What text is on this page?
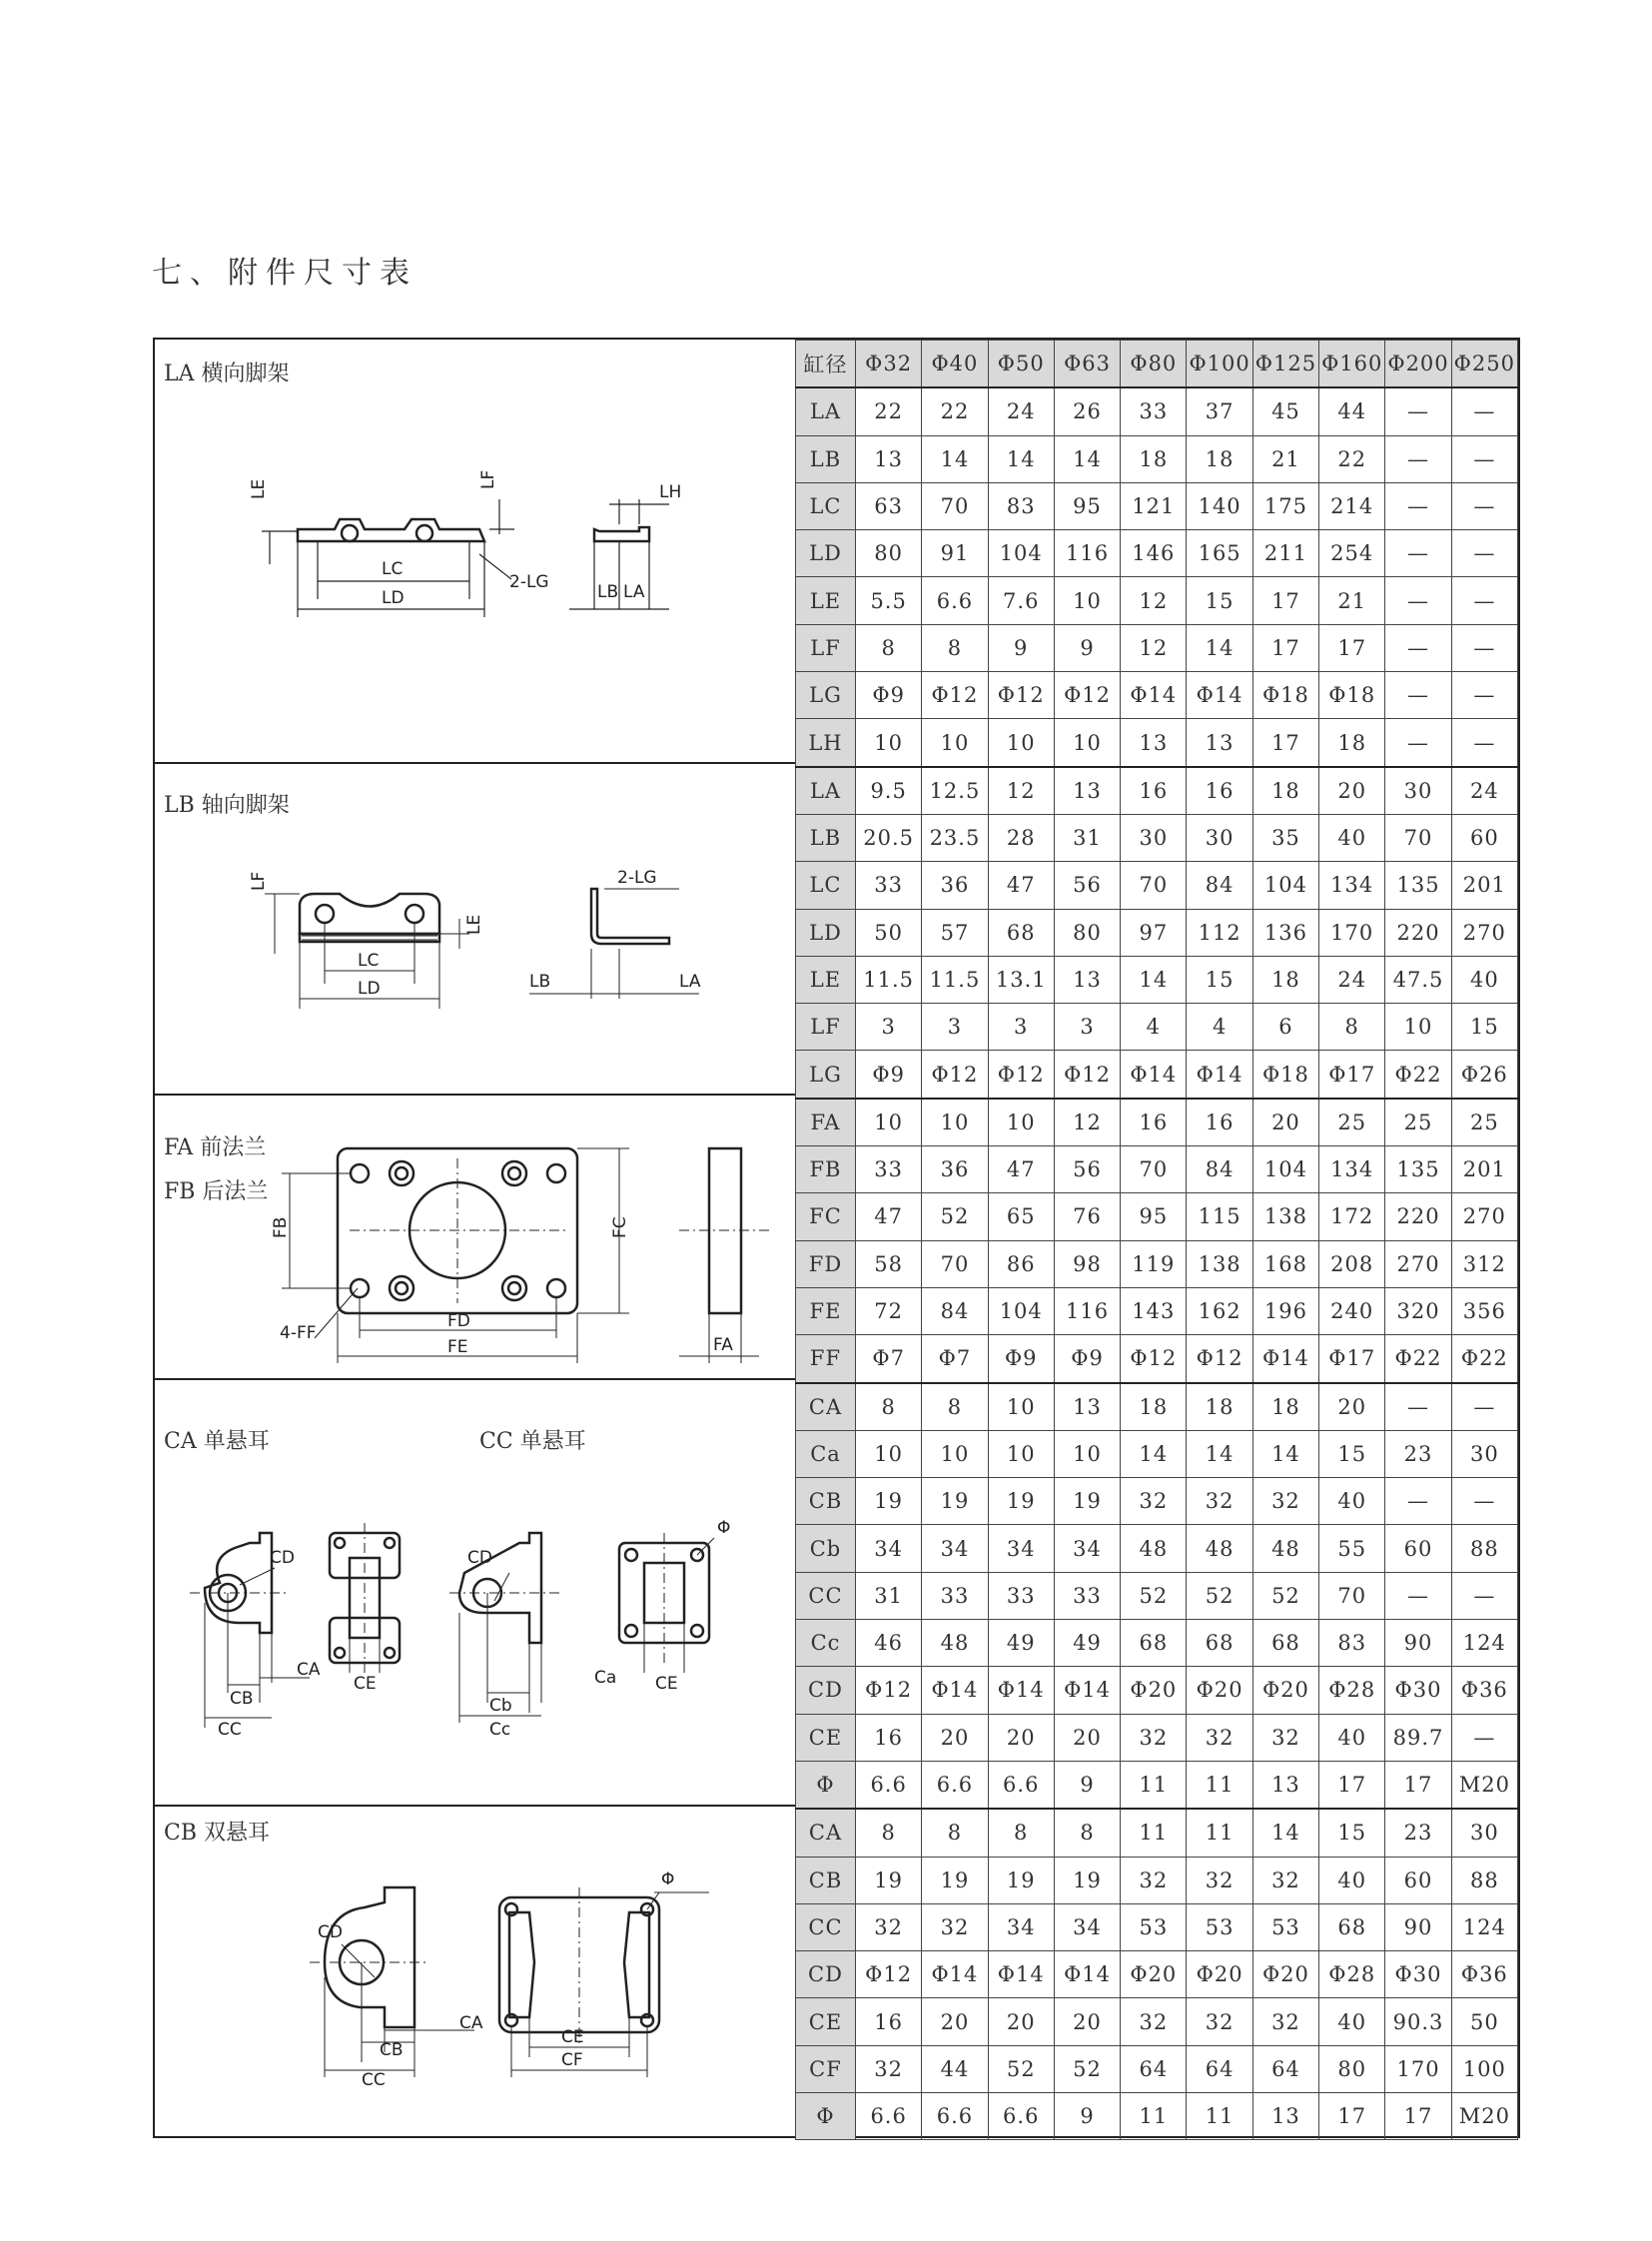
七、附件尺寸表
LA 横向脚架
LB 轴向脚架
FA 前法兰
FB 后法兰
CA 单悬耳	CC 单悬耳
CB 双悬耳
LE	LF
LC
LD
2-LG
LH
LB LA
LF
LE
LC
LD
2-LG
LB	LA
FB	FC
FD
FE
4-FF
FA
CD
CA
CB
CC
CE
CD
Ca
Cb
Cc
CE
Φ
CD
CA
CB
CC
CE
CF
Φ
缸径	Φ32	Φ40	Φ50	Φ63	Φ80	Φ100	Φ125	Φ160	Φ200	Φ250
LA	22	22	24	26	33	37	45	44	—	—
LB	13	14	14	14	18	18	21	22	—	—
LC	63	70	83	95	121	140	175	214	—	—
LD	80	91	104	116	146	165	211	254	—	—
LE	5.5	6.6	7.6	10	12	15	17	21	—	—
LF	8	8	9	9	12	14	17	17	—	—
LG	Φ9	Φ12	Φ12	Φ12	Φ14	Φ14	Φ18	Φ18	—	—
LH	10	10	10	10	13	13	17	18	—	—
LA	9.5	12.5	12	13	16	16	18	20	30	24
LB	20.5	23.5	28	31	30	30	35	40	70	60
LC	33	36	47	56	70	84	104	134	135	201
LD	50	57	68	80	97	112	136	170	220	270
LE	11.5	11.5	13.1	13	14	15	18	24	47.5	40
LF	3	3	3	3	4	4	6	8	10	15
LG	Φ9	Φ12	Φ12	Φ12	Φ14	Φ14	Φ18	Φ17	Φ22	Φ26
FA	10	10	10	12	16	16	20	25	25	25
FB	33	36	47	56	70	84	104	134	135	201
FC	47	52	65	76	95	115	138	172	220	270
FD	58	70	86	98	119	138	168	208	270	312
FE	72	84	104	116	143	162	196	240	320	356
FF	Φ7	Φ7	Φ9	Φ9	Φ12	Φ12	Φ14	Φ17	Φ22	Φ22
CA	8	8	10	13	18	18	18	20	—	—
Ca	10	10	10	10	14	14	14	15	23	30
CB	19	19	19	19	32	32	32	40	—	—
Cb	34	34	34	34	48	48	48	55	60	88
CC	31	33	33	33	52	52	52	70	—	—
Cc	46	48	49	49	68	68	68	83	90	124
CD	Φ12	Φ14	Φ14	Φ14	Φ20	Φ20	Φ20	Φ28	Φ30	Φ36
CE	16	20	20	20	32	32	32	40	89.7	—
Φ	6.6	6.6	6.6	9	11	11	13	17	17	M20
CA	8	8	8	8	11	11	14	15	23	30
CB	19	19	19	19	32	32	32	40	60	88
CC	32	32	34	34	53	53	53	68	90	124
CD	Φ12	Φ14	Φ14	Φ14	Φ20	Φ20	Φ20	Φ28	Φ30	Φ36
CE	16	20	20	20	32	32	32	40	90.3	50
CF	32	44	52	52	64	64	64	80	170	100
Φ	6.6	6.6	6.6	9	11	11	13	17	17	M20
